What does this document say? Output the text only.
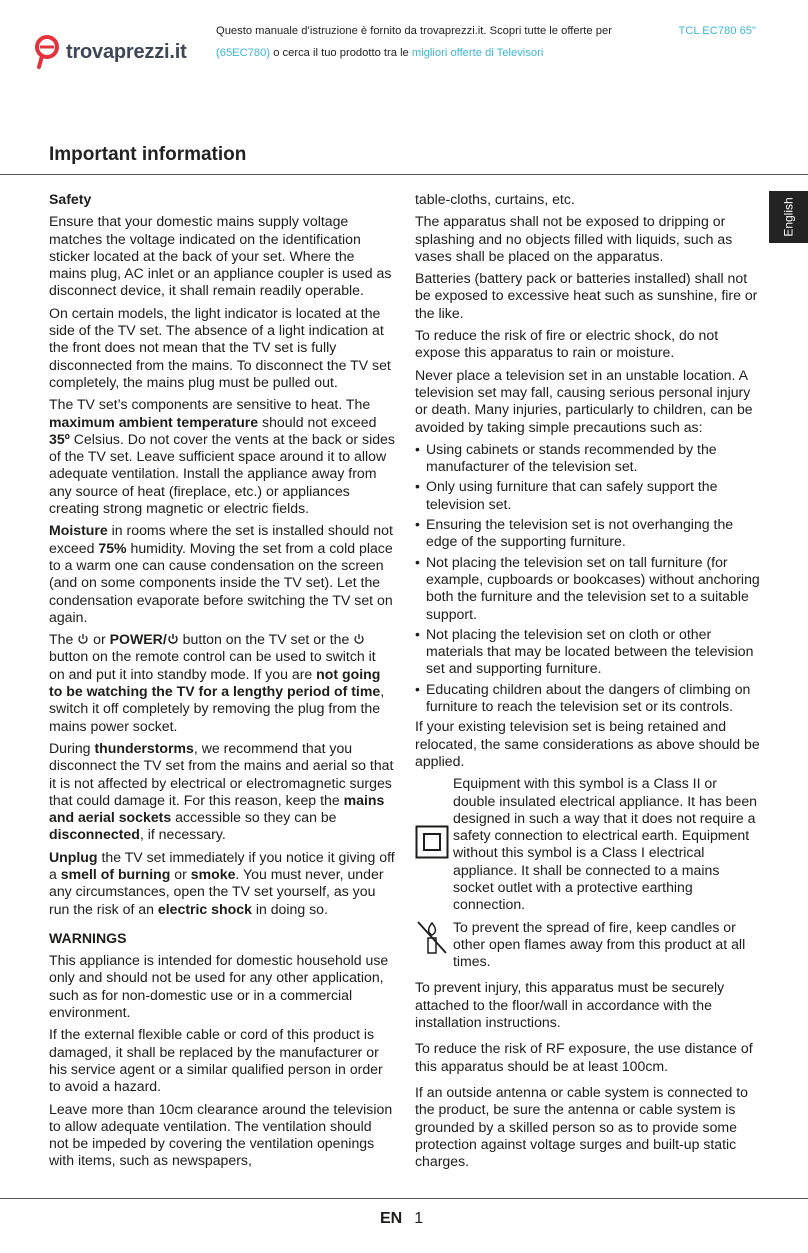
trovaprezzi.it
Questo manuale d’istruzione è fornito da trovaprezzi.it. Scopri tutte le offerte per	TCL EC780 65"
(65EC780) o cerca il tuo prodotto tra le migliori offerte di Televisori
Important information
English
Safety

Ensure that your domestic mains supply voltage matches the voltage indicated on the identification sticker located at the back of your set. Where the mains plug, AC inlet or an appliance coupler is used as disconnect device, it shall remain readily operable.

On certain models, the light indicator is located at the side of the TV set. The absence of a light indication at the front does not mean that the TV set is fully disconnected from the mains. To disconnect the TV set completely, the mains plug must be pulled out.

The TV set’s components are sensitive to heat. The maximum ambient temperature should not exceed 35º Celsius. Do not cover the vents at the back or sides of the TV set. Leave sufficient space around it to allow adequate ventilation. Install the appliance away from any source of heat (fireplace, etc.) or appliances creating strong magnetic or electric fields.

Moisture in rooms where the set is installed should not exceed 75% humidity. Moving the set from a cold place to a warm one can cause condensation on the screen (and on some components inside the TV set). Let the condensation evaporate before switching the TV set on again.

The  or POWER/ button on the TV set or the  button on the remote control can be used to switch it on and put it into standby mode. If you are not going to be watching the TV for a lengthy period of time, switch it off completely by removing the plug from the mains power socket.

During thunderstorms, we recommend that you disconnect the TV set from the mains and aerial so that it is not affected by electrical or electromagnetic surges that could damage it. For this reason, keep the mains and aerial sockets accessible so they can be disconnected, if necessary.

Unplug the TV set immediately if you notice it giving off a smell of burning or smoke. You must never, under any circumstances, open the TV set yourself, as you run the risk of an electric shock in doing so.

WARNINGS

This appliance is intended for domestic household use only and should not be used for any other application, such as for non-domestic use or in a commercial environment.

If the external flexible cable or cord of this product is damaged, it shall be replaced by the manufacturer or his service agent or a similar qualified person in order to avoid a hazard.

Leave more than 10cm clearance around the television to allow adequate ventilation. The ventilation should not be impeded by covering the ventilation openings with items, such as newspapers,

table-cloths, curtains, etc.

The apparatus shall not be exposed to dripping or splashing and no objects filled with liquids, such as vases shall be placed on the apparatus.

Batteries (battery pack or batteries installed) shall not be exposed to excessive heat such as sunshine, fire or the like.

To reduce the risk of fire or electric shock, do not expose this apparatus to rain or moisture.

Never place a television set in an unstable location. A television set may fall, causing serious personal injury or death. Many injuries, particularly to children, can be avoided by taking simple precautions such as:

• Using cabinets or stands recommended by the manufacturer of the television set.
• Only using furniture that can safely support the television set.
• Ensuring the television set is not overhanging the edge of the supporting furniture.
• Not placing the television set on tall furniture (for example, cupboards or bookcases) without anchoring both the furniture and the television set to a suitable support.
• Not placing the television set on cloth or other materials that may be located between the television set and supporting furniture.
• Educating children about the dangers of climbing on furniture to reach the television set or its controls.

If your existing television set is being retained and relocated, the same considerations as above should be applied.

Equipment with this symbol is a Class II or double insulated electrical appliance. It has been designed in such a way that it does not require a safety connection to electrical earth. Equipment without this symbol is a Class I electrical appliance. It shall be connected to a mains socket outlet with a protective earthing connection.
To prevent the spread of fire, keep candles or other open flames away from this product at all times.

To prevent injury, this apparatus must be securely attached to the floor/wall in accordance with the installation instructions.

To reduce the risk of RF exposure, the use distance of this apparatus should be at least 100cm.

If an outside antenna or cable system is connected to the product, be sure the antenna or cable system is grounded by a skilled person so as to provide some protection against voltage surges and built-up static charges.

EN 1
